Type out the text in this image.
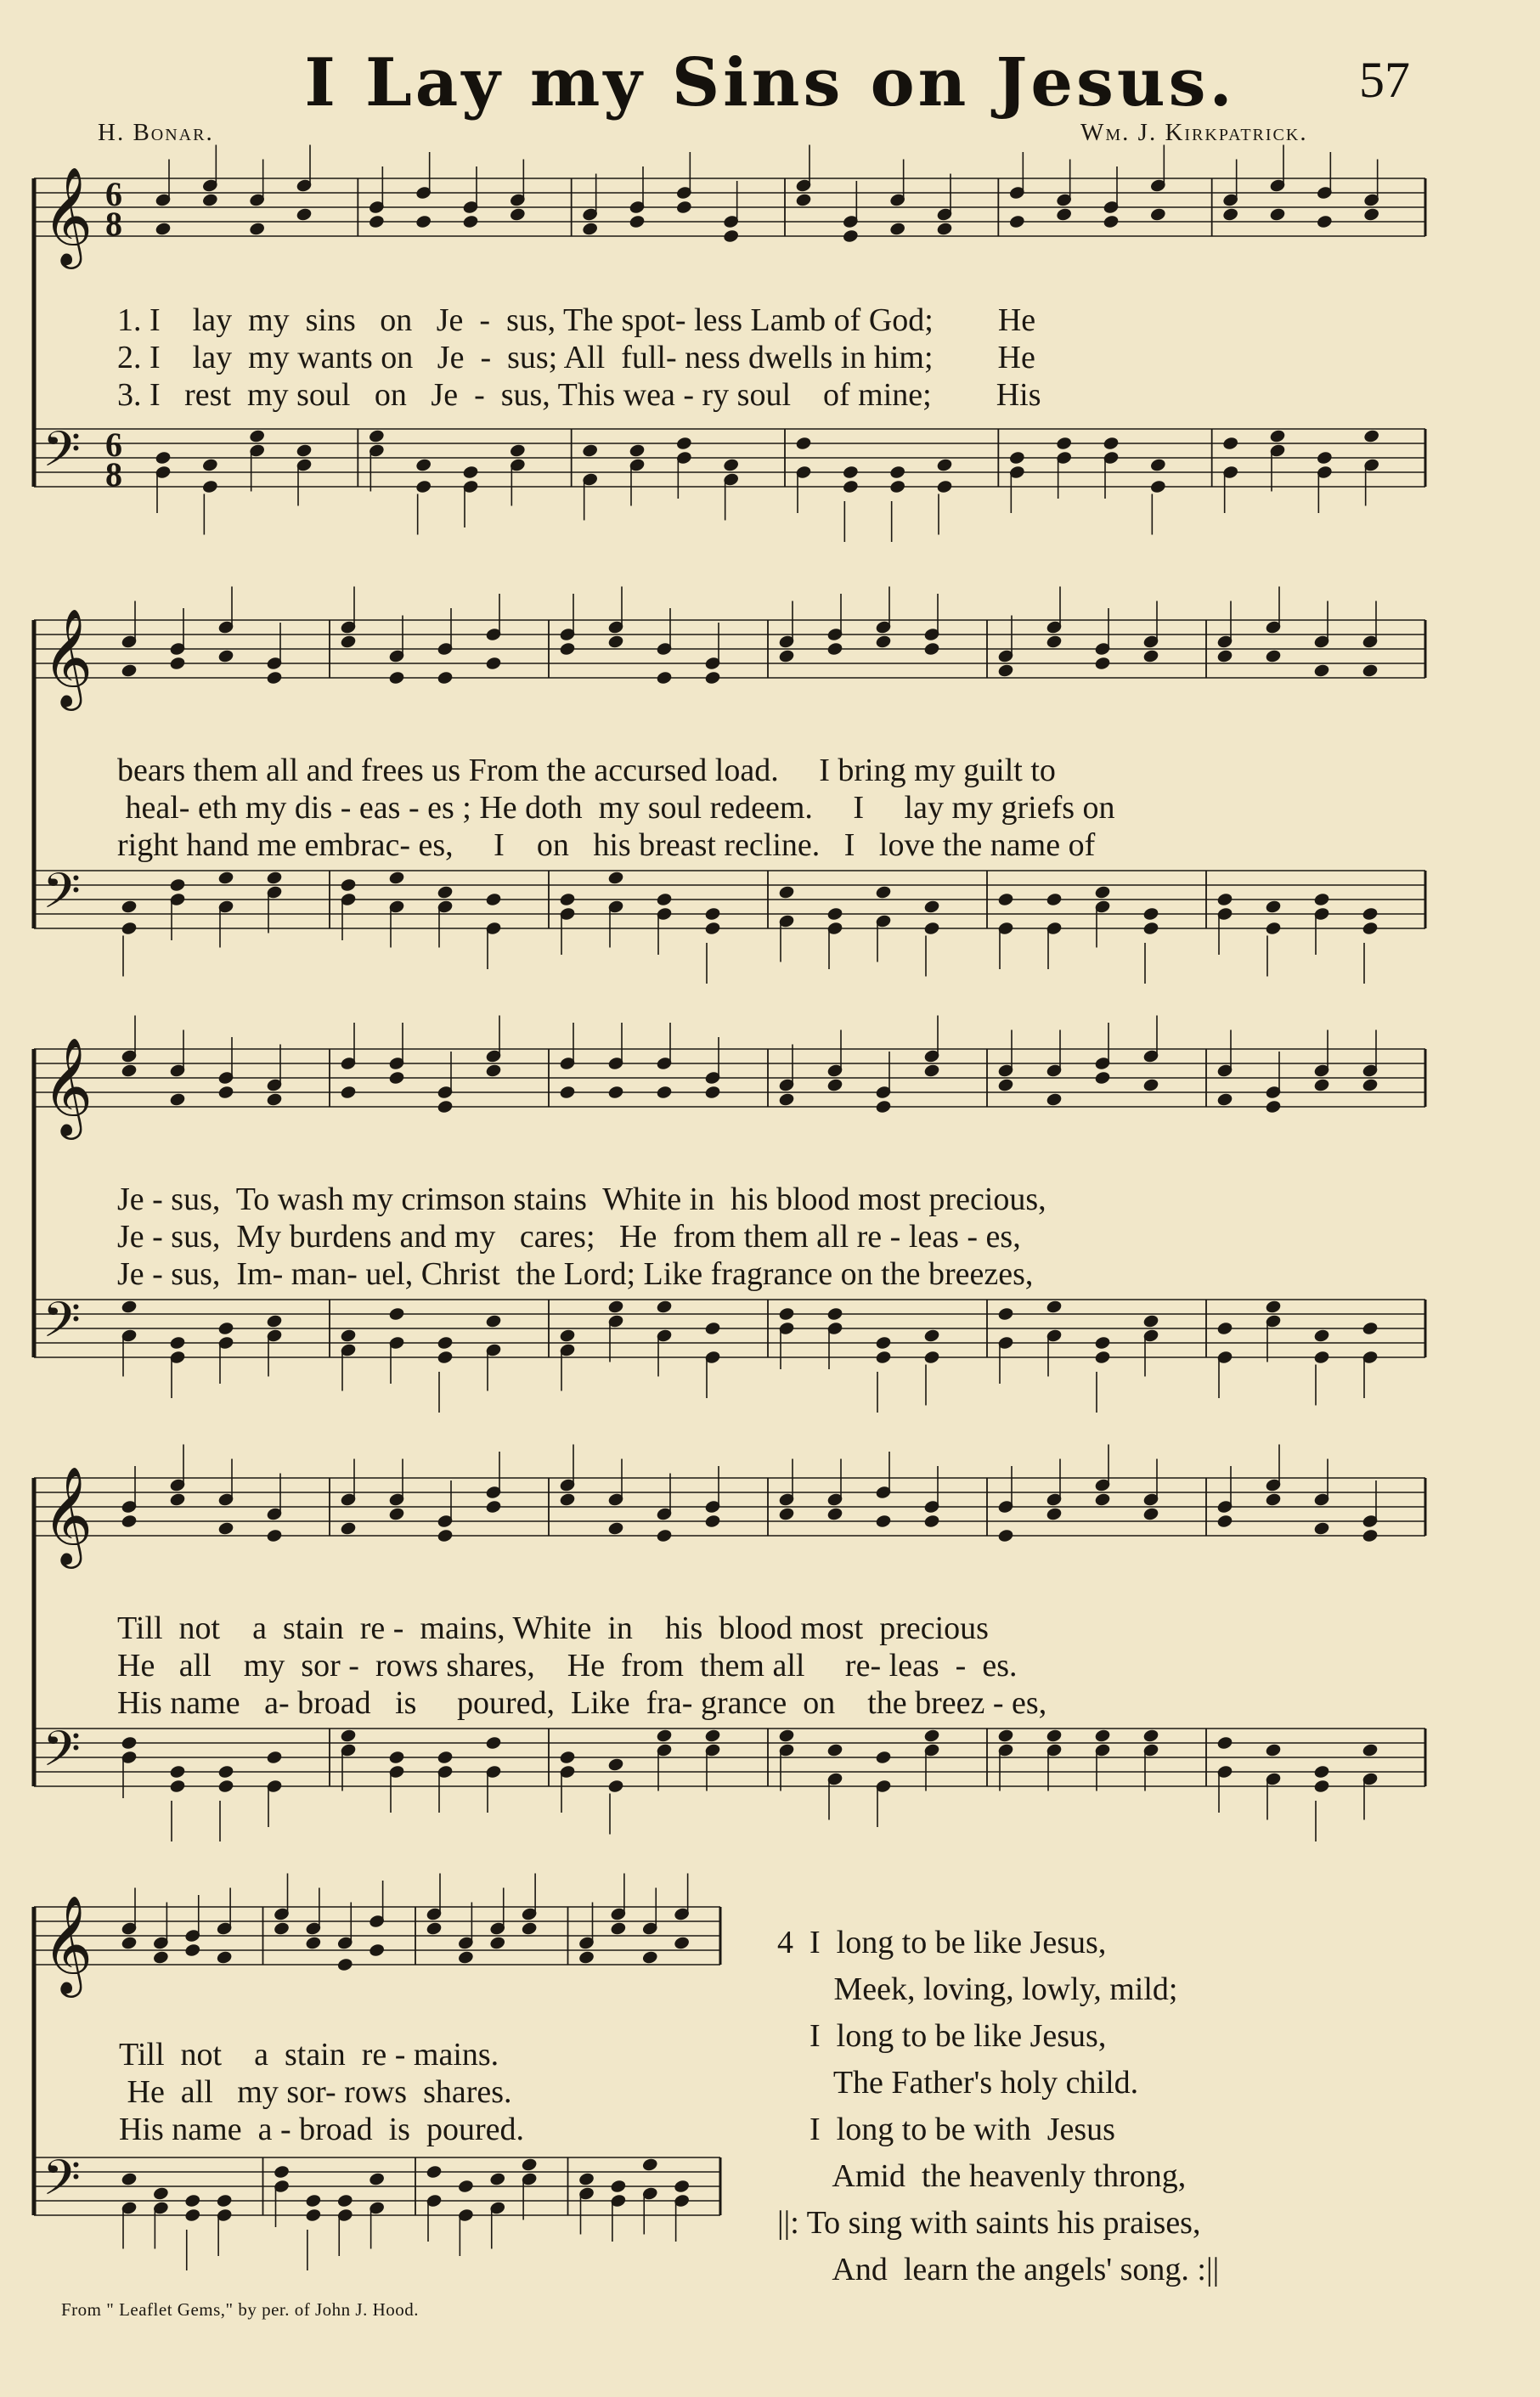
I Lay my Sins on Jesus.	57
H. Bonar.	Wm. J. Kirkpatrick.
𝄞 6
8
𝄢 6
8
1. I    lay  my  sins   on   Je  -  sus, The spot- less Lamb of God;        He
2. I    lay  my wants on   Je  -  sus; All  full- ness dwells in him;        He
3. I   rest  my soul   on   Je  -  sus, This wea - ry soul    of mine;        His
𝄞
𝄢
bears them all and frees us From the accursed load.     I bring my guilt to
heal- eth my dis - eas - es ; He doth  my soul redeem.     I     lay my griefs on
right hand me embrac- es,     I    on   his breast recline.   I   love the name of
𝄞
𝄢
Je - sus,  To wash my crimson stains  White in  his blood most precious,
Je - sus,  My burdens and my   cares;   He  from them all re - leas - es,
Je - sus,  Im- man- uel, Christ  the Lord; Like fragrance on the breezes,
𝄞
𝄢
Till  not    a  stain  re -  mains, White  in    his  blood most  precious
He   all    my  sor -  rows shares,    He  from  them all     re- leas  -  es.
His name   a- broad   is     poured,  Like  fra- grance  on    the breez - es,
𝄞
𝄢
Till  not    a  stain  re - mains.
He  all   my sor- rows  shares.
His name  a - broad  is  poured.
4  I  long to be like Jesus,
Meek, loving, lowly, mild;
I  long to be like Jesus,
The Father's holy child.
I  long to be with  Jesus
Amid  the heavenly throng,
||: To sing with saints his praises,
And  learn the angels' song. :||
From " Leaflet Gems," by per. of John J. Hood.
